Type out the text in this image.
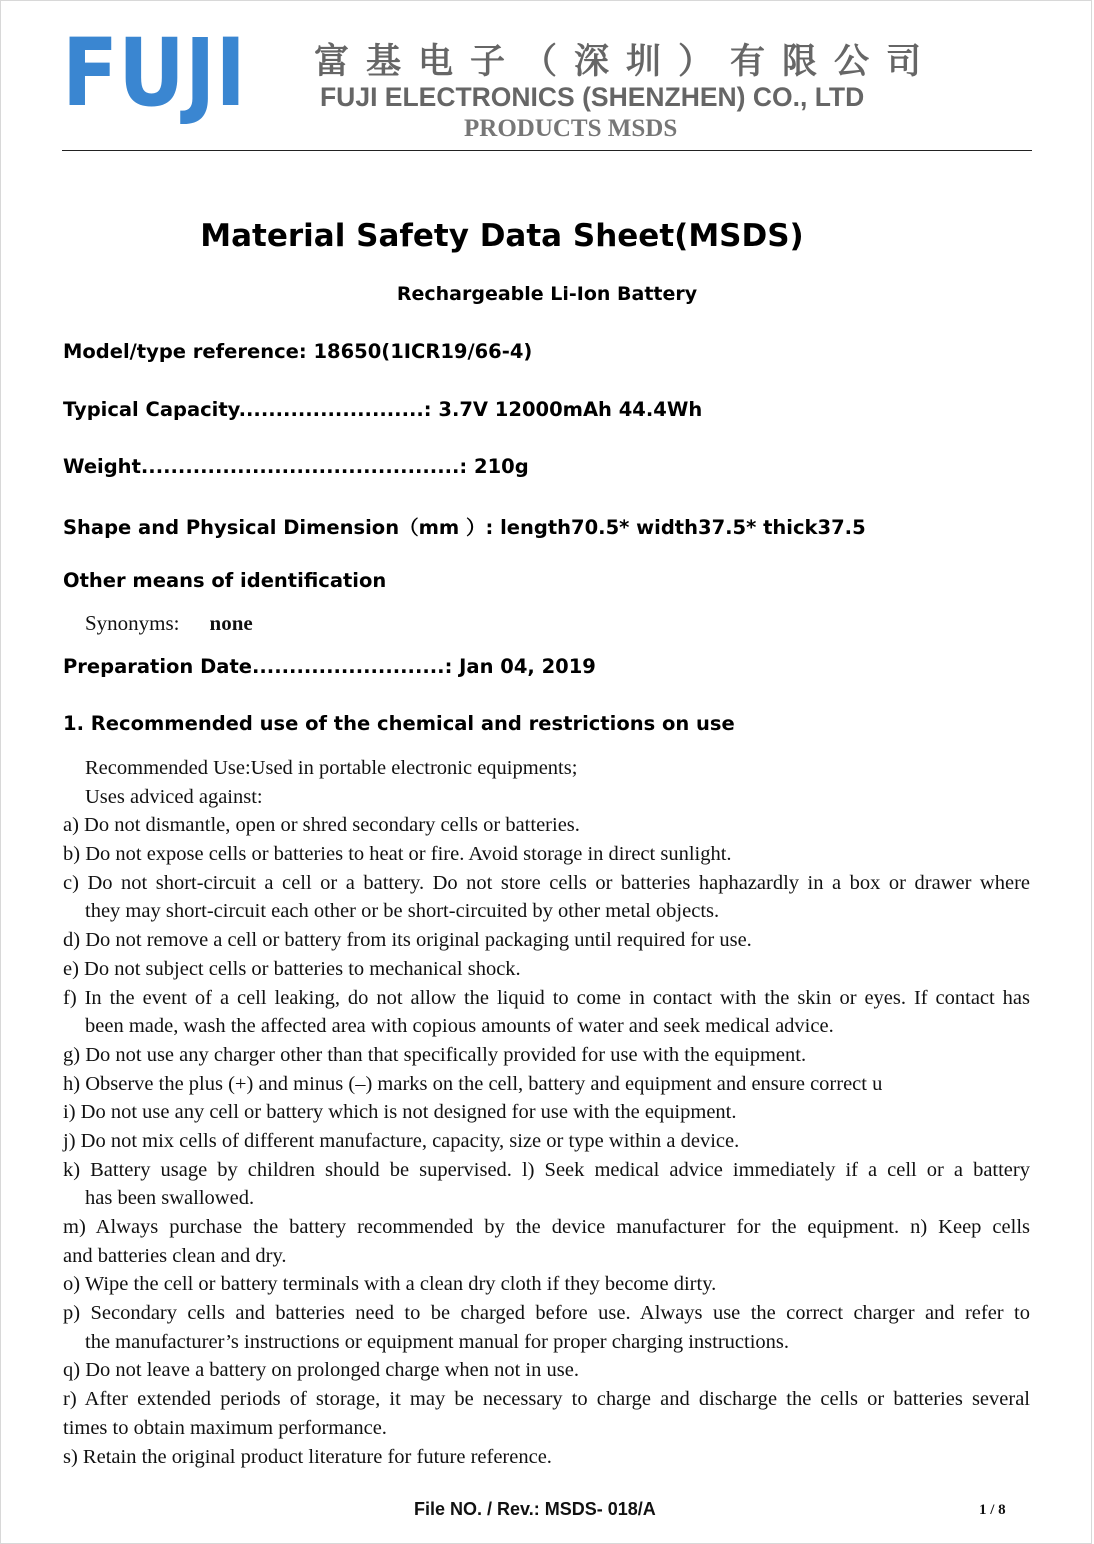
FUJI 富基电子（深圳）有限公司
FUJI ELECTRONICS (SHENZHEN) CO., LTD
PRODUCTS MSDS
Material Safety Data Sheet(MSDS)
Rechargeable Li-Ion Battery
Model/type reference: 18650(1ICR19/66-4)
Typical Capacity.........................: 3.7V 12000mAh 44.4Wh
Weight...........................................: 210g
Shape and Physical Dimension（mm ）: length70.5* width37.5* thick37.5
Other means of identification
Synonyms: none
Preparation Date..........................: Jan 04, 2019
1. Recommended use of the chemical and restrictions on use
Recommended Use:Used in portable electronic equipments;
Uses adviced against:
a) Do not dismantle, open or shred secondary cells or batteries.
b) Do not expose cells or batteries to heat or fire. Avoid storage in direct sunlight.
c) Do not short-circuit a cell or a battery. Do not store cells or batteries haphazardly in a box or drawer where
they may short-circuit each other or be short-circuited by other metal objects.
d) Do not remove a cell or battery from its original packaging until required for use.
e) Do not subject cells or batteries to mechanical shock.
f) In the event of a cell leaking, do not allow the liquid to come in contact with the skin or eyes. If contact has
been made, wash the affected area with copious amounts of water and seek medical advice.
g) Do not use any charger other than that specifically provided for use with the equipment.
h) Observe the plus (+) and minus (–) marks on the cell, battery and equipment and ensure correct u
i) Do not use any cell or battery which is not designed for use with the equipment.
j) Do not mix cells of different manufacture, capacity, size or type within a device.
k) Battery usage by children should be supervised. l) Seek medical advice immediately if a cell or a battery
has been swallowed.
m) Always purchase the battery recommended by the device manufacturer for the equipment. n) Keep cells
and batteries clean and dry.
o) Wipe the cell or battery terminals with a clean dry cloth if they become dirty.
p) Secondary cells and batteries need to be charged before use. Always use the correct charger and refer to
the manufacturer’s instructions or equipment manual for proper charging instructions.
q) Do not leave a battery on prolonged charge when not in use.
r) After extended periods of storage, it may be necessary to charge and discharge the cells or batteries several
times to obtain maximum performance.
s) Retain the original product literature for future reference.
File NO. / Rev.: MSDS- 018/A	1 / 8
